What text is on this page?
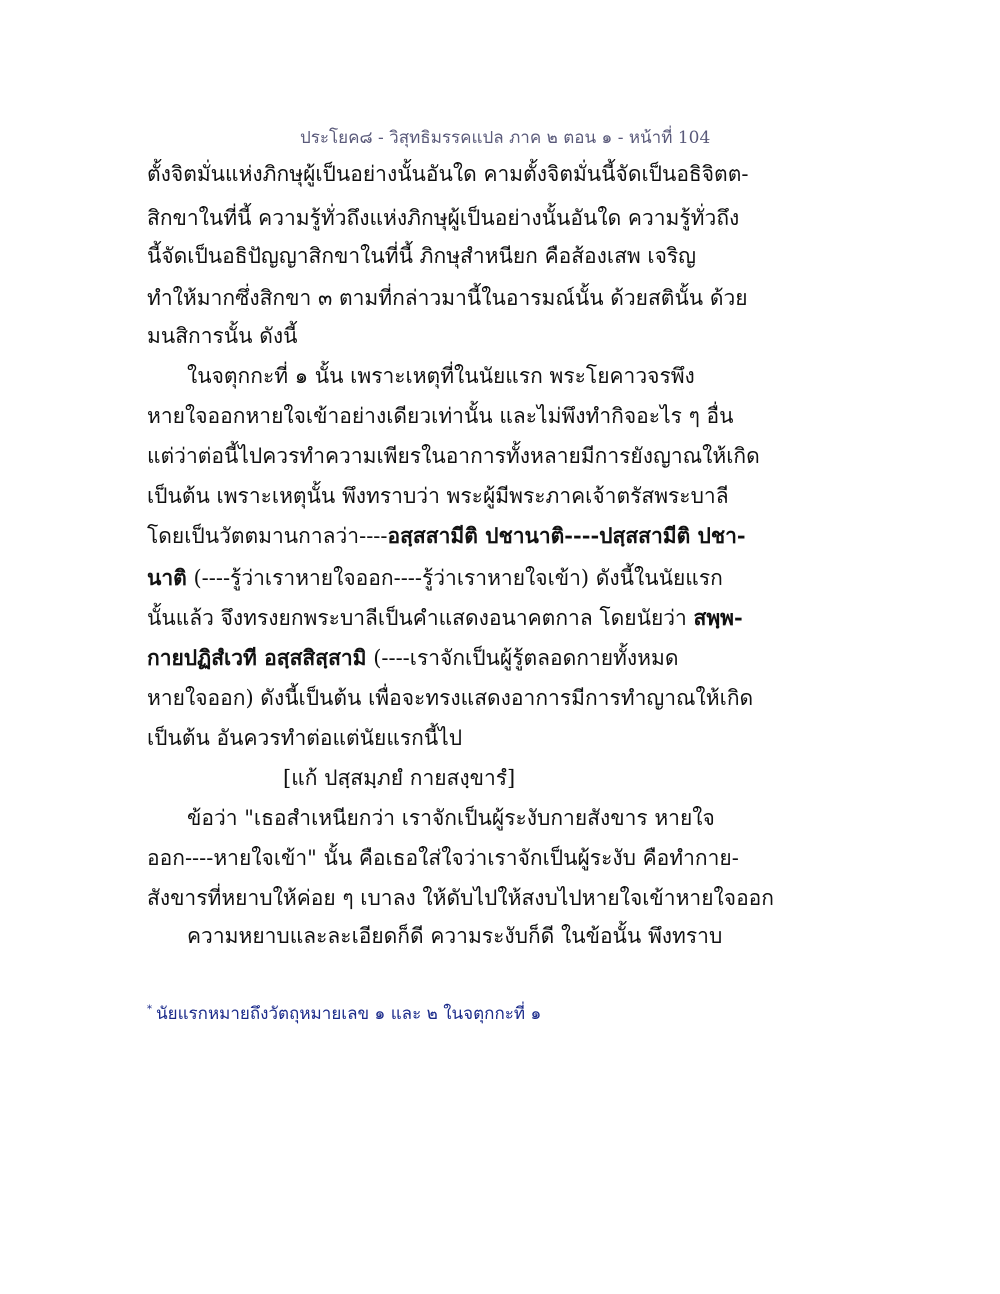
ประโยค๘ - วิสุทธิมรรคแปล ภาค ๒ ตอน ๑ - หน้าที่ 104
ตั้งจิตมั่นแห่งภิกษุผู้เป็นอย่างนั้นอันใด คามตั้งจิตมั่นนี้จัดเป็นอธิจิตต-
สิกขาในที่นี้ ความรู้ทั่วถึงแห่งภิกษุผู้เป็นอย่างนั้นอันใด ความรู้ทั่วถึง
นี้จัดเป็นอธิปัญญาสิกขาในที่นี้ ภิกษุสำหนียก คือส้องเสพ เจริญ
ทำให้มากซึ่งสิกขา ๓ ตามที่กล่าวมานี้ในอารมณ์นั้น ด้วยสตินั้น ด้วย
มนสิการนั้น ดังนี้
ในจตุกกะที่ ๑ นั้น เพราะเหตุที่ในนัยแรก พระโยคาวจรพึง
หายใจออกหายใจเข้าอย่างเดียวเท่านั้น และไม่พึงทำกิจอะไร ๆ อื่น
แต่ว่าต่อนี้ไปควรทำความเพียรในอาการทั้งหลายมีการยังญาณให้เกิด
เป็นต้น เพราะเหตุนั้น พึงทราบว่า พระผู้มีพระภาคเจ้าตรัสพระบาลี
โดยเป็นวัตตมานกาลว่า----อสฺสสามีติ ปชานาติ----ปสฺสสามีติ ปชา-
นาติ (----รู้ว่าเราหายใจออก----รู้ว่าเราหายใจเข้า) ดังนี้ในนัยแรก
นั้นแล้ว จึงทรงยกพระบาลีเป็นคำแสดงอนาคตกาล โดยนัยว่า สพฺพ-
กายปฏิสํเวที อสฺสสิสฺสามิ (----เราจักเป็นผู้รู้ตลอดกายทั้งหมด
หายใจออก) ดังนี้เป็นต้น เพื่อจะทรงแสดงอาการมีการทำญาณให้เกิด
เป็นต้น อันควรทำต่อแต่นัยแรกนี้ไป
[แก้ ปสฺสมฺภยํ กายสงฺขารํ]
ข้อว่า "เธอสำเหนียกว่า เราจักเป็นผู้ระงับกายสังขาร หายใจ
ออก----หายใจเข้า" นั้น คือเธอใส่ใจว่าเราจักเป็นผู้ระงับ คือทำกาย-
สังขารที่หยาบให้ค่อย ๆ เบาลง ให้ดับไปให้สงบไปหายใจเข้าหายใจออก
ความหยาบและละเอียดก็ดี ความระงับก็ดี ในข้อนั้น พึงทราบ
* นัยแรกหมายถึงวัตถุหมายเลข ๑ และ ๒ ในจตุกกะที่ ๑
